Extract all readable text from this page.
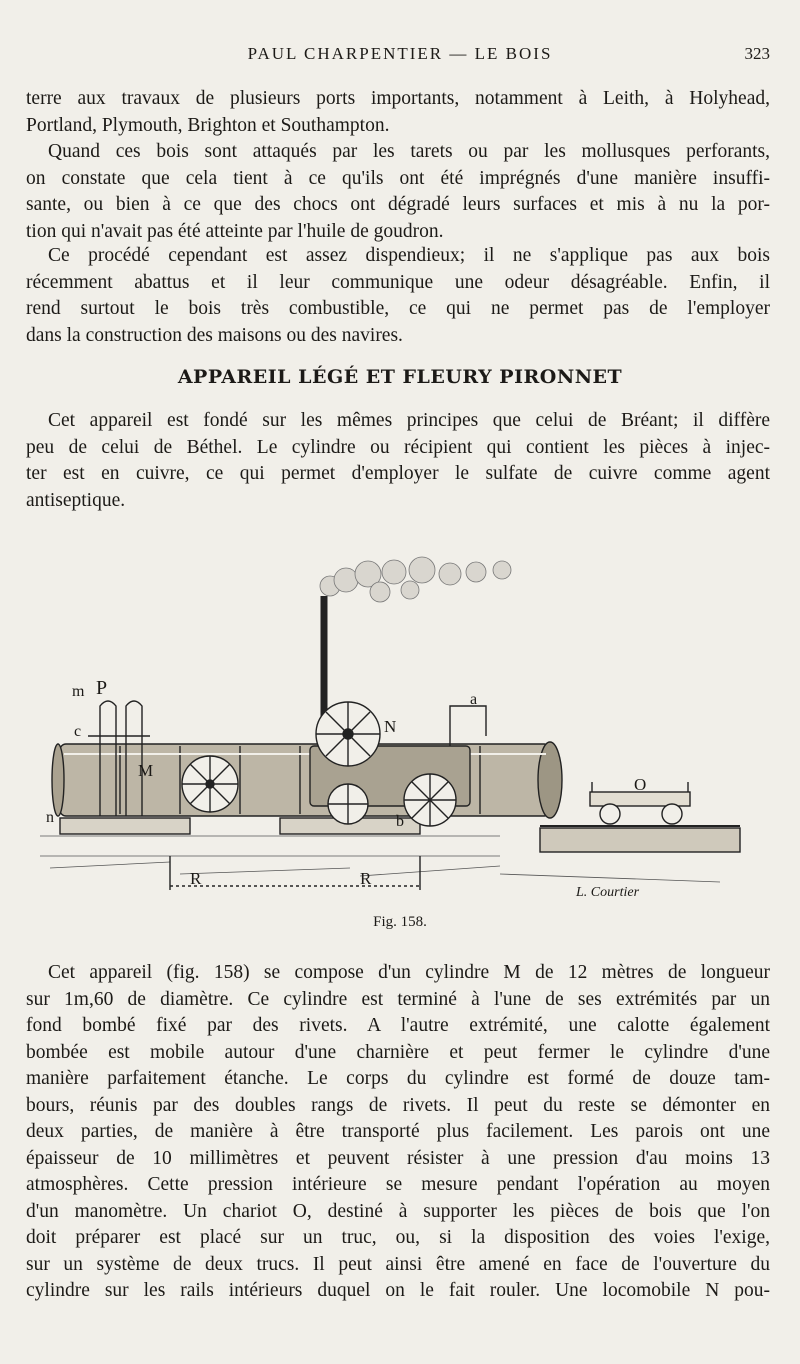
PAUL CHARPENTIER — LE BOIS	323
terre aux travaux de plusieurs ports importants, notamment à Leith, à Holyhead,
Portland, Plymouth, Brighton et Southampton.
Quand ces bois sont attaqués par les tarets ou par les mollusques perforants,
on constate que cela tient à ce qu'ils ont été imprégnés d'une manière insuffi-
sante, ou bien à ce que des chocs ont dégradé leurs surfaces et mis à nu la por-
tion qui n'avait pas été atteinte par l'huile de goudron.
Ce procédé cependant est assez dispendieux; il ne s'applique pas aux bois
récemment abattus et il leur communique une odeur désagréable. Enfin, il
rend surtout le bois très combustible, ce qui ne permet pas de l'employer
dans la construction des maisons ou des navires.
APPAREIL LÉGÉ ET FLEURY PIRONNET
Cet appareil est fondé sur les mêmes principes que celui de Bréant; il diffère
peu de celui de Béthel. Le cylindre ou récipient qui contient les pièces à injec-
ter est en cuivre, ce qui permet d'employer le sulfate de cuivre comme agent
antiseptique.
m P
c
M
N
a
O
n	b
R	R
L. Courtier
Fig. 158.
Cet appareil (fig. 158) se compose d'un cylindre M de 12 mètres de longueur
sur 1m,60 de diamètre. Ce cylindre est terminé à l'une de ses extrémités par un
fond bombé fixé par des rivets. A l'autre extrémité, une calotte également
bombée est mobile autour d'une charnière et peut fermer le cylindre d'une
manière parfaitement étanche. Le corps du cylindre est formé de douze tam-
bours, réunis par des doubles rangs de rivets. Il peut du reste se démonter en
deux parties, de manière à être transporté plus facilement. Les parois ont une
épaisseur de 10 millimètres et peuvent résister à une pression d'au moins 13
atmosphères. Cette pression intérieure se mesure pendant l'opération au moyen
d'un manomètre. Un chariot O, destiné à supporter les pièces de bois que l'on
doit préparer est placé sur un truc, ou, si la disposition des voies l'exige,
sur un système de deux trucs. Il peut ainsi être amené en face de l'ouverture du
cylindre sur les rails intérieurs duquel on le fait rouler. Une locomobile N pou-
